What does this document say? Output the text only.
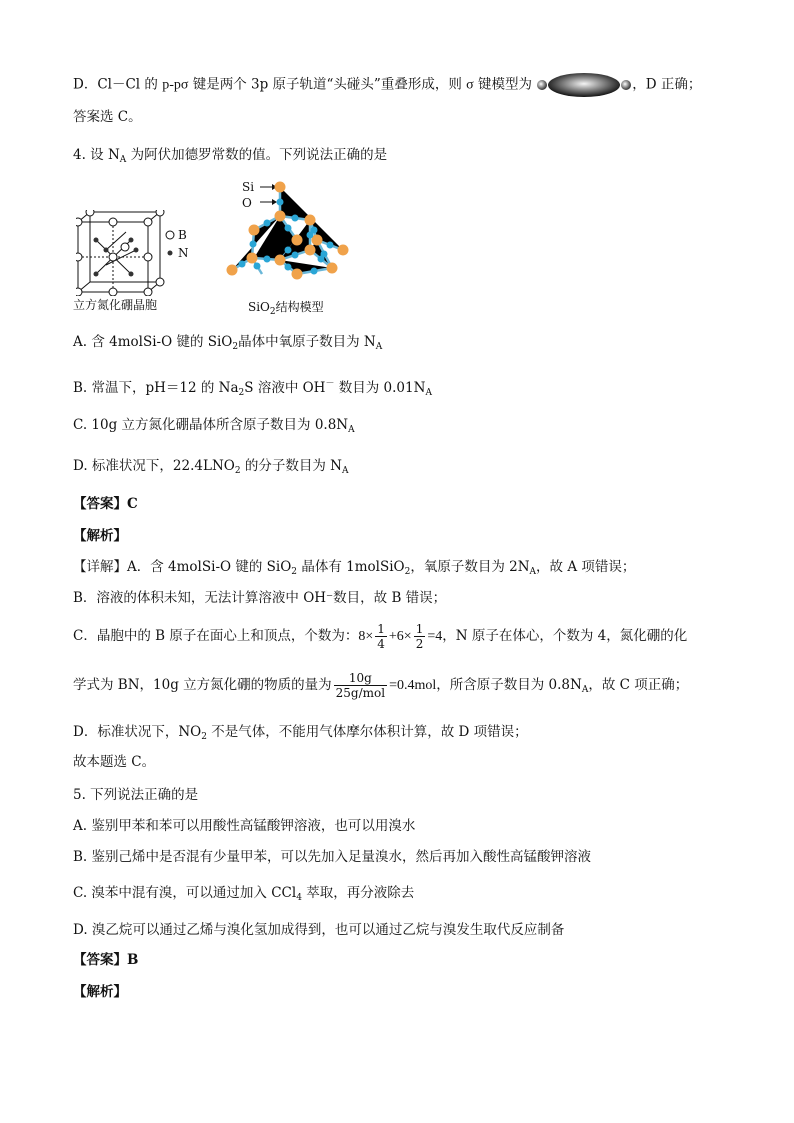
D．Cl－Cl 的 p-pσ 键是两个 3p 原子轨道“头碰头”重叠形成，则 σ 键模型为	，D 正确；
答案选 C。
4. 设 $N_A$ 为阿伏加德罗常数的值。下列说法正确的是
B
N
立方氮化硼晶胞
Si
O
SiO$_2$结构模型
A. 含 4molSi-O 键的 SiO$_2$晶体中氧原子数目为 $N_A$
B. 常温下，pH＝12 的 $Na_2S$ 溶液中 OH－ 数目为 $0.01N_A$
C. 10g 立方氮化硼晶体所含原子数目为 $0.8N_A$
D. 标准状况下，$22.4LNO_2$ 的分子数目为 $N_A$
【答案】C
【解析】
【详解】A．含 4molSi-O 键的 SiO$_2$ 晶体有 1molSiO$_2$，氧原子数目为 $2N_A$，故 A 项错误；
B．溶液的体积未知，无法计算溶液中 OH⁻数目，故 B 错误；
C．晶胞中的 B 原子在面心上和顶点，个数为：$8\times \frac{1}{4} +6\times \frac{1}{2} =4$，N 原子在体心，个数为 4，氮化硼的化
学式为 BN，10g 立方氮化硼的物质的量为 $\frac{10g}{\text{25g/mol}} =0.4mol$，所含原子数目为 $0.8N_A$，故 C 项正确；
D．标准状况下，$NO_2$ 不是气体，不能用气体摩尔体积计算，故 D 项错误；
故本题选 C。
5. 下列说法正确的是
A. 鉴别甲苯和苯可以用酸性高锰酸钾溶液，也可以用溴水
B. 鉴别己烯中是否混有少量甲苯，可以先加入足量溴水，然后再加入酸性高锰酸钾溶液
C. 溴苯中混有溴，可以通过加入 CCl$_4$ 萃取，再分液除去
D. 溴乙烷可以通过乙烯与溴化氢加成得到，也可以通过乙烷与溴发生取代反应制备
【答案】B
【解析】
